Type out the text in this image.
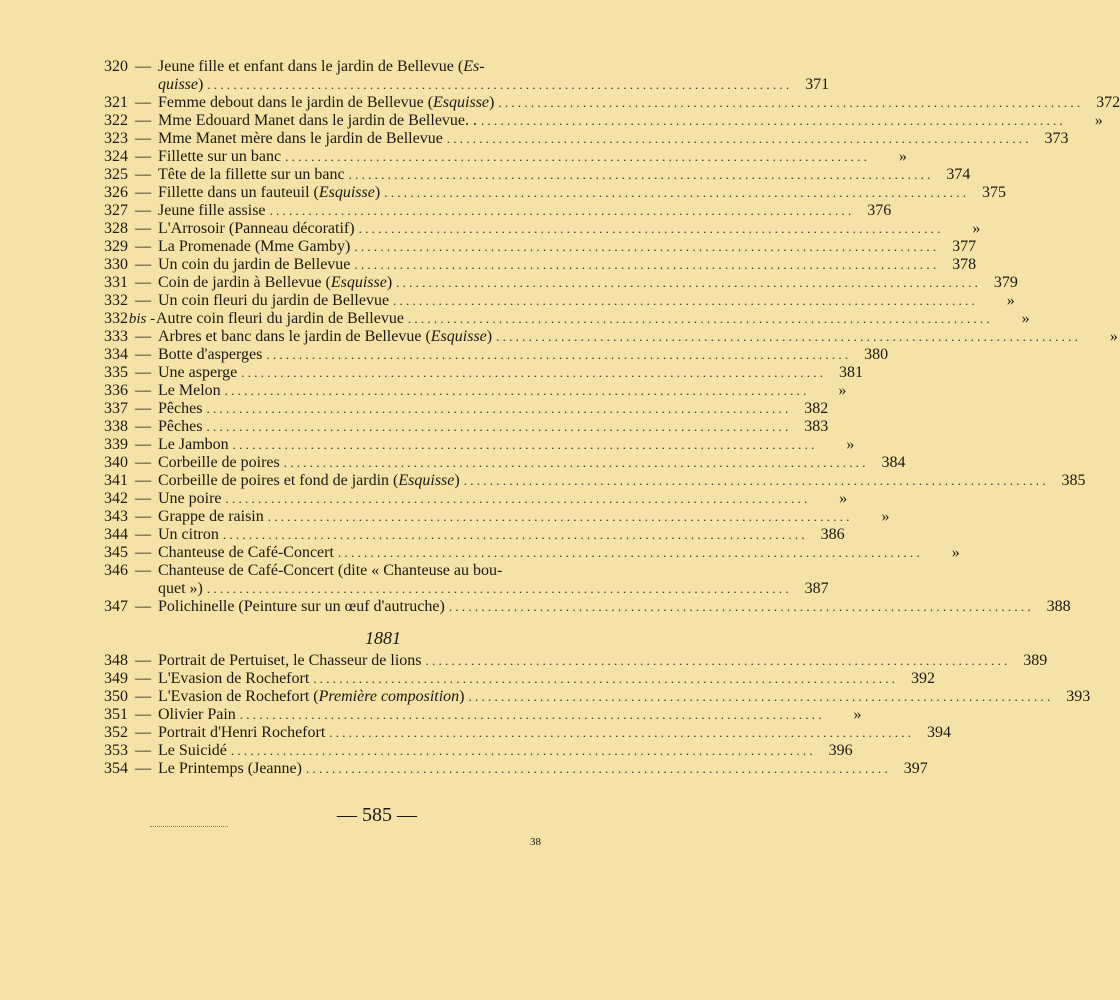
320 — Jeune fille et enfant dans le jardin de Bellevue (Es-
quisse) . . .	371
321 — Femme debout dans le jardin de Bellevue (Esquisse) . . .	372
322 — Mme Edouard Manet dans le jardin de Bellevue. . . . .	»
323 — Mme Manet mère dans le jardin de Bellevue . . .	373
324 — Fillette sur un banc . . .	»
325 — Tête de la fillette sur un banc . . .	374
326 — Fillette dans un fauteuil (Esquisse) . . .	375
327 — Jeune fille assise . . .	376
328 — L'Arrosoir (Panneau décoratif) . . .	»
329 — La Promenade (Mme Gamby) . . .	377
330 — Un coin du jardin de Bellevue . . .	378
331 — Coin de jardin à Bellevue (Esquisse) . . .	379
332 — Un coin fleuri du jardin de Bellevue . . .	»
332 bis - Autre coin fleuri du jardin de Bellevue . . .	»
333 — Arbres et banc dans le jardin de Bellevue (Esquisse) . . .	»
334 — Botte d'asperges . . .	380
335 — Une asperge . . .	381
336 — Le Melon . . .	»
337 — Pêches . . .	382
338 — Pêches . . .	383
339 — Le Jambon . . .	»
340 — Corbeille de poires . . .	384
341 — Corbeille de poires et fond de jardin (Esquisse) . . .	385
342 — Une poire . . .	»
343 — Grappe de raisin . . .	»
344 — Un citron . . .	386
345 — Chanteuse de Café-Concert . . .	»
346 — Chanteuse de Café-Concert (dite « Chanteuse au bou-
quet ») . . .	387
347 — Polichinelle (Peinture sur un œuf d'autruche) . . .	388
1881
348 — Portrait de Pertuiset, le Chasseur de lions . . .	389
349 — L'Evasion de Rochefort . . .	392
350 — L'Evasion de Rochefort (Première composition) . . .	393
351 — Olivier Pain . . .	»
352 — Portrait d'Henri Rochefort . . .	394
353 — Le Suicidé . . .	396
354 — Le Printemps (Jeanne) . . .	397
— 585 —
38
